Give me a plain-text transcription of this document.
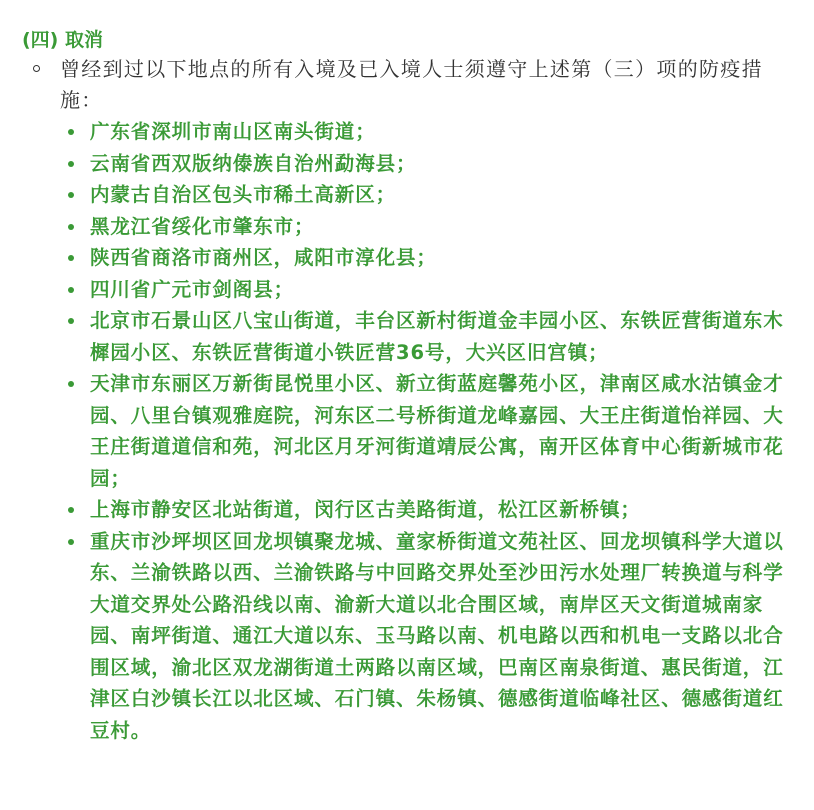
(四) 取消
曾经到过以下地点的所有入境及已入境人士须遵守上述第（三）项的防疫措施：
广东省深圳市南山区南头街道；
云南省西双版纳傣族自治州勐海县；
内蒙古自治区包头市稀土高新区；
黑龙江省绥化市肇东市；
陕西省商洛市商州区，咸阳市淳化县；
四川省广元市剑阁县；
北京市石景山区八宝山街道，丰台区新村街道金丰园小区、东铁匠营街道东木樨园小区、东铁匠营街道小铁匠营36号，大兴区旧宫镇；
天津市东丽区万新街昆悦里小区、新立街蓝庭馨苑小区，津南区咸水沽镇金才园、八里台镇观雅庭院，河东区二号桥街道龙峰嘉园、大王庄街道怡祥园、大王庄街道道信和苑，河北区月牙河街道靖辰公寓，南开区体育中心街新城市花园；
上海市静安区北站街道，闵行区古美路街道，松江区新桥镇；
重庆市沙坪坝区回龙坝镇聚龙城、童家桥街道文苑社区、回龙坝镇科学大道以东、兰渝铁路以西、兰渝铁路与中回路交界处至沙田污水处理厂转换道与科学大道交界处公路沿线以南、渝新大道以北合围区域，南岸区天文街道城南家园、南坪街道、通江大道以东、玉马路以南、机电路以西和机电一支路以北合围区域，渝北区双龙湖街道土两路以南区域，巴南区南泉街道、惠民街道，江津区白沙镇长江以北区域、石门镇、朱杨镇、德感街道临峰社区、德感街道红豆村。
